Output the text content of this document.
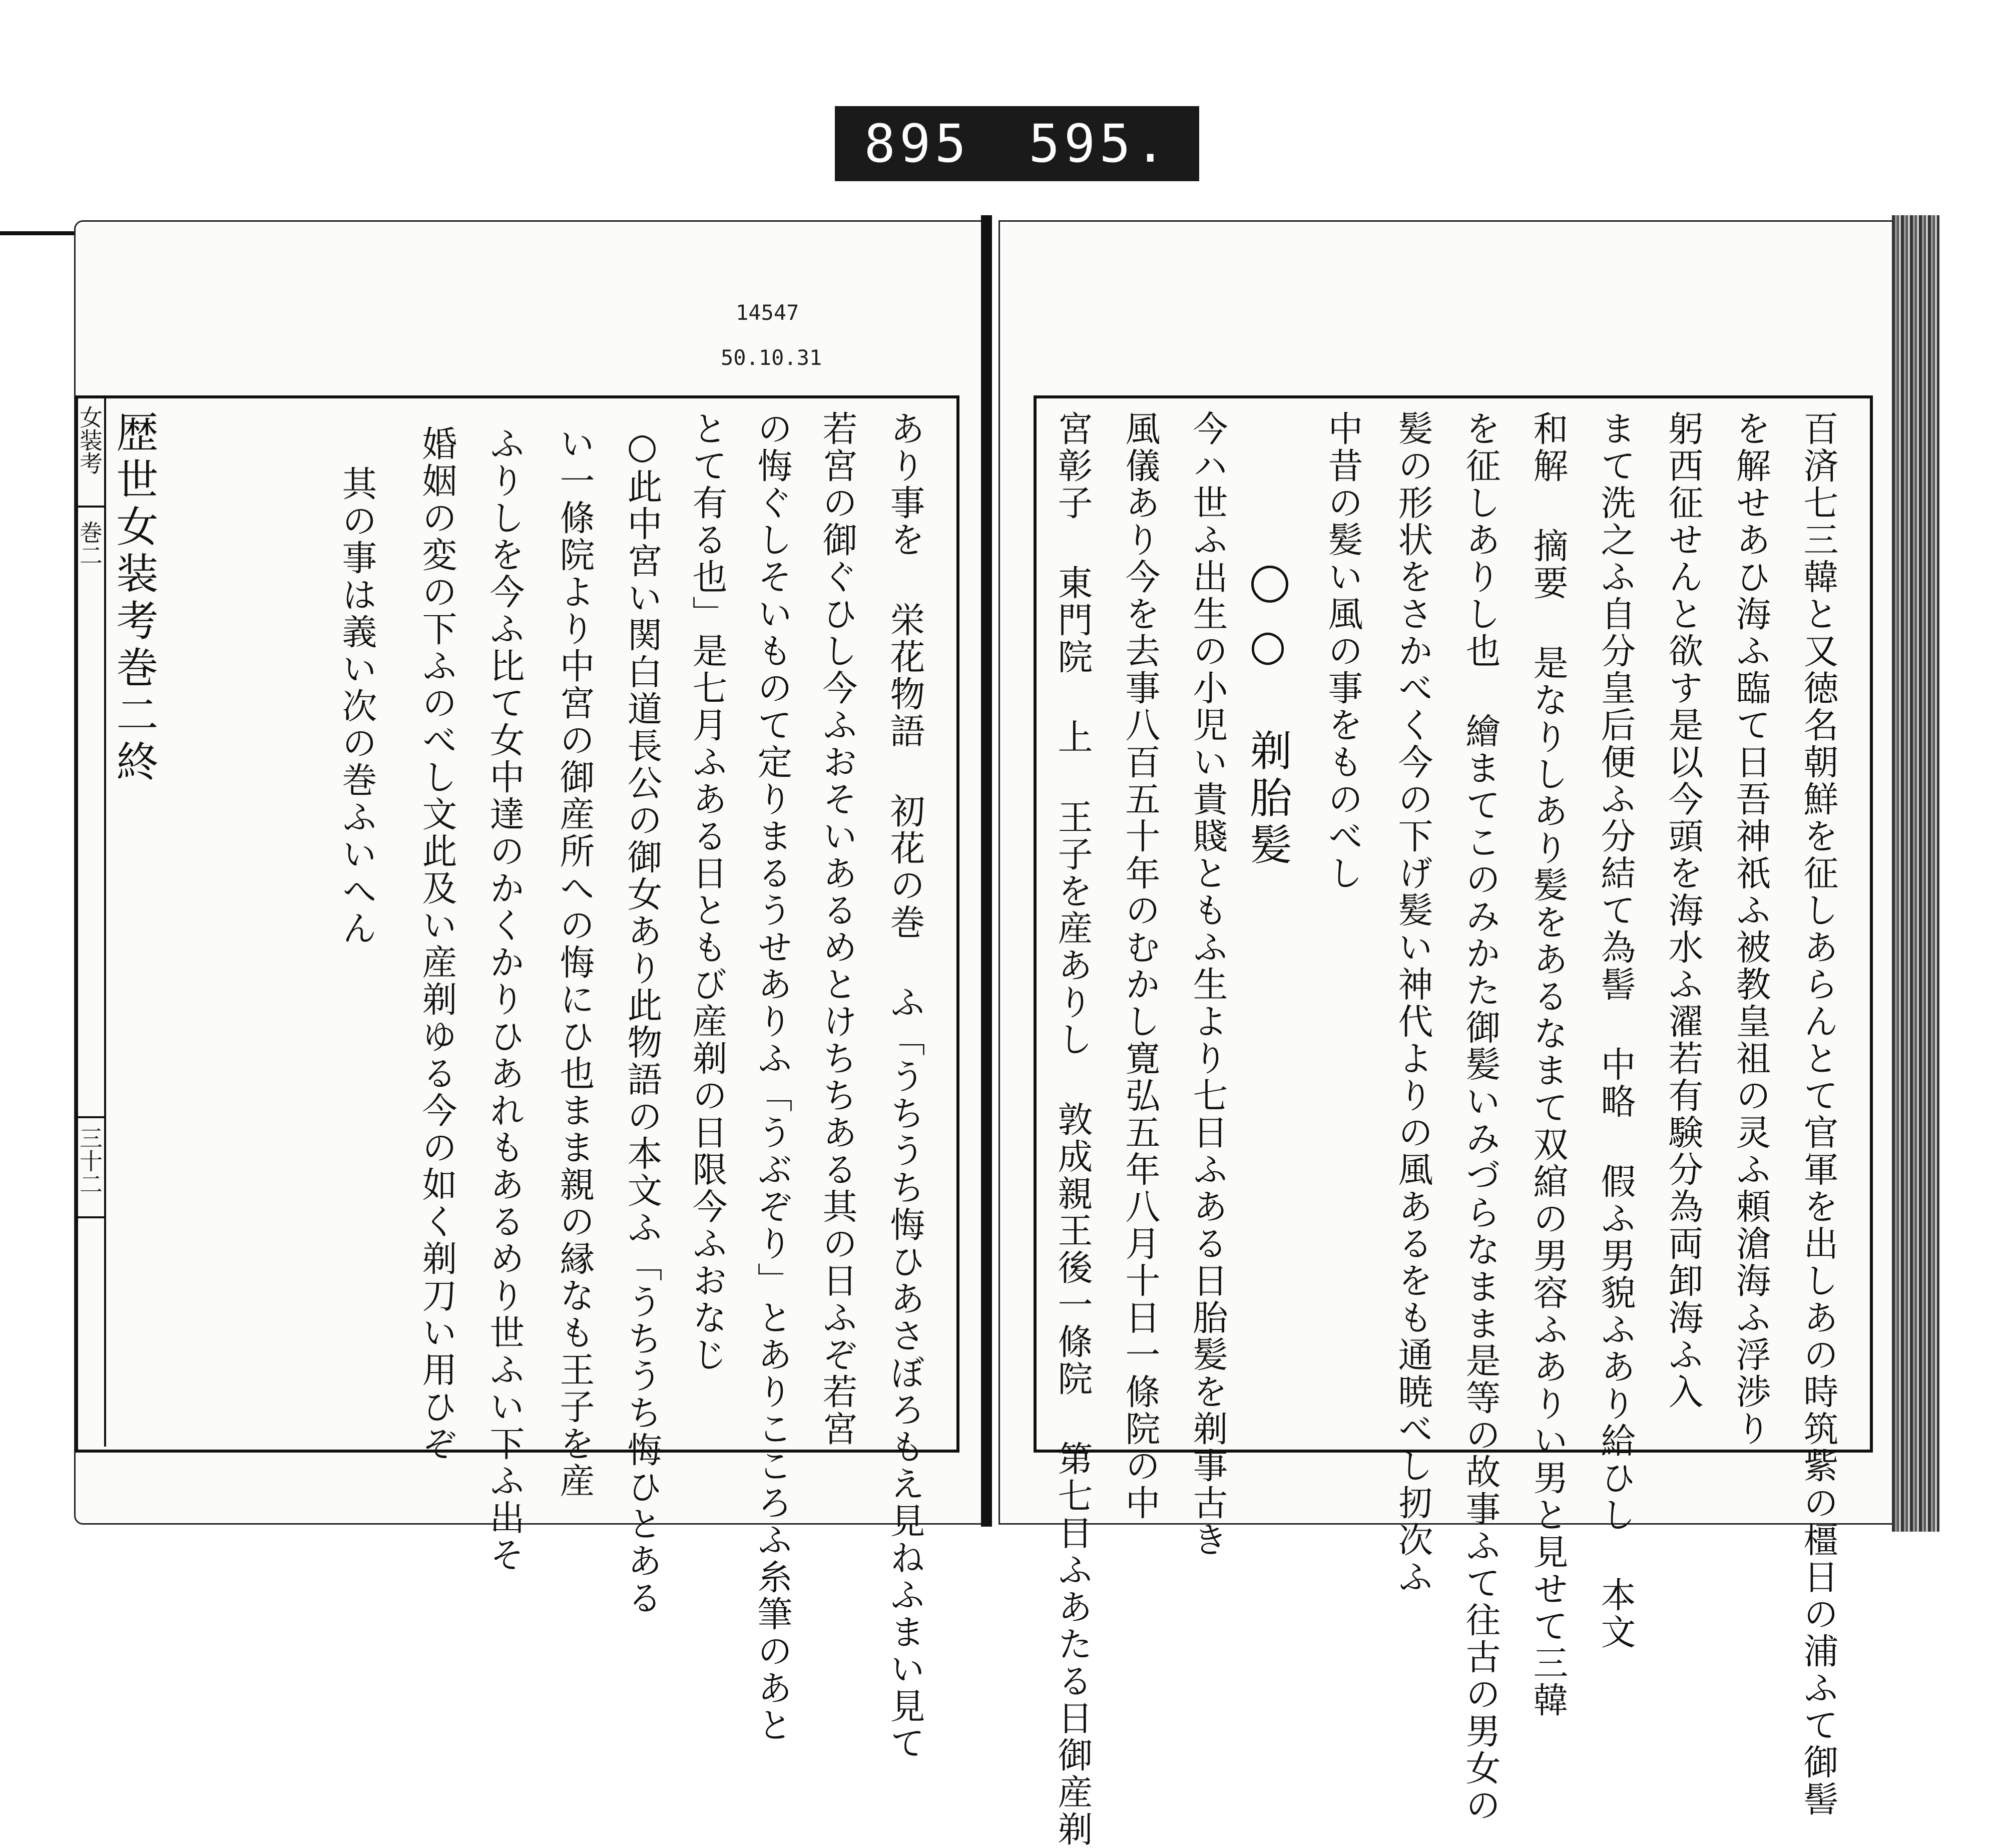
895 595.
14547
50.10.31
女装考
巻二
三十二
歴世女装考巻二終	其の事は義い次の巻ふいへん 婚姻の変の下ふのべし文此及い産剃ゆる今の如く剃刀い用ひぞ ふりしを今ふ比て女中達のかくかりひあれもあるめり世ふい下ふ出そ い一條院より中宮の御産所への悔にひ也まま親の縁なも王子を産 ○此中宮い関白道長公の御女あり此物語の本文ふ「うちうち悔ひとある とて有る也」是七月ふある日ともび産剃の日限今ふおなじ の悔ぐしそいものて定りまるうせありふ「うぶぞり」とありこころふ糸筆のあと 若宮の御ぐひし今ふおそいあるめとけちちある其の日ふぞ若宮 あり事を 栄花物語 初花の巻 ふ「うちうち悔ひあさぼろもえ見ねふまい見て	宮彰子 東門院 上 王子を産ありし 敦成親王後一條院 第七日ふあたる日御産剃 風儀あり今を去事八百五十年のむかし寛弘五年八月十日一條院の中 今ハ世ふ出生の小児い貴賤ともふ生より七日ふある日胎髪を剃事古き ○ 剃胎髪 中昔の髪い風の事をものべし 髪の形状をさかべく今の下げ髪い神代よりの風あるをも通暁べし扨次ふ を征しありし也 繪まてこのみかた御髪いみづらなまま是等の故事ふて往古の男女の 和解 摘要 是なりしあり髪をあるなまて双綰の男容ふありい男と見せて三韓 まて洗之ふ自分皇后便ふ分結て為髻 中略 假ふ男貌ふあり給ひし 本文 躬西征せんと欲す是以今頭を海水ふ濯若有験分為両卸海ふ入 を解せあひ海ふ臨て日吾神祇ふ被教皇祖の灵ふ頼滄海ふ浮渉り 百済七三韓と又徳名朝鮮を征しあらんとて官軍を出しあの時筑紫の橿日の浦ふて御髻
